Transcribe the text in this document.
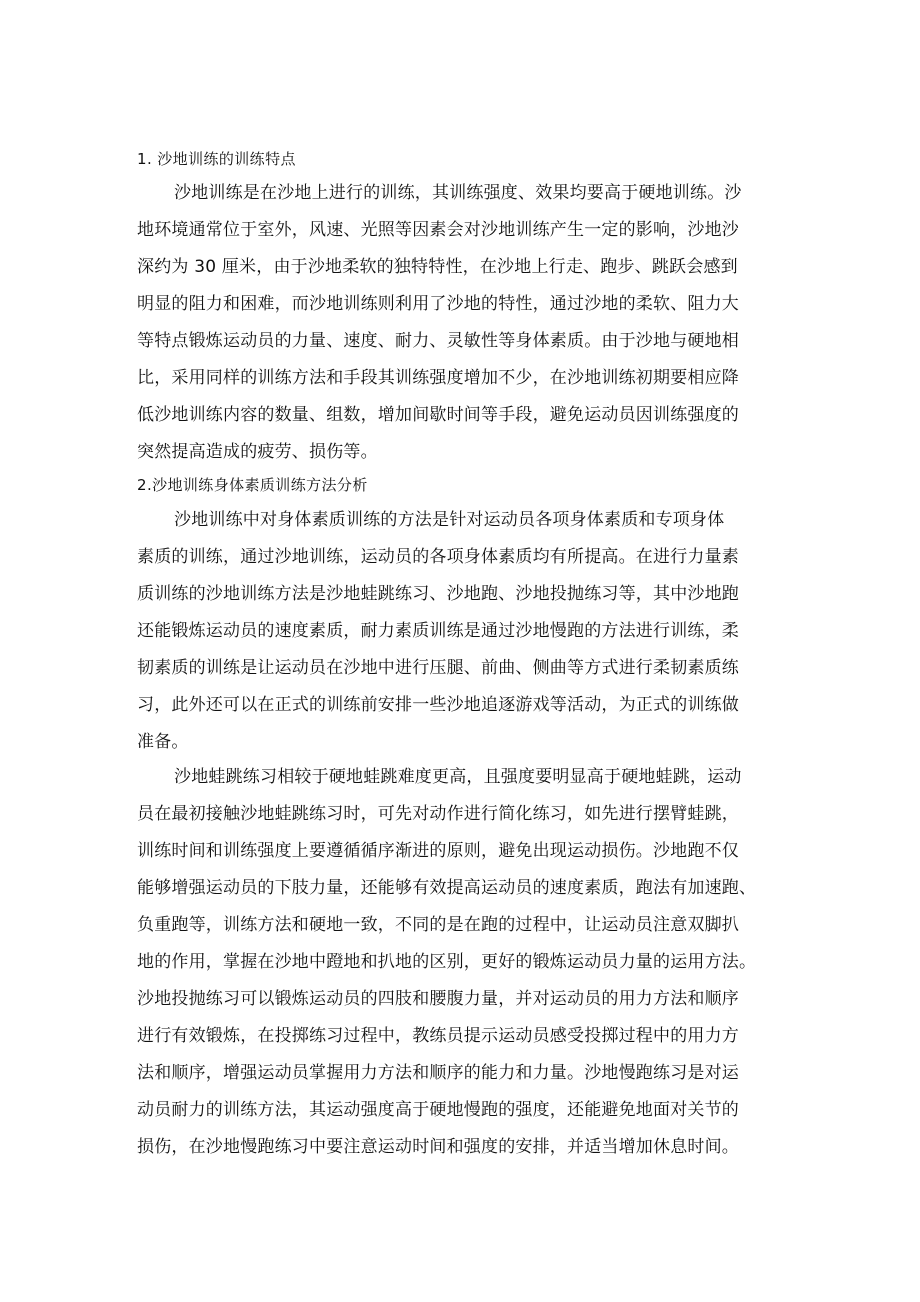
1. 沙地训练的训练特点
沙地训练是在沙地上进行的训练，其训练强度、效果均要高于硬地训练。沙
地环境通常位于室外，风速、光照等因素会对沙地训练产生一定的影响，沙地沙
深约为 30 厘米，由于沙地柔软的独特特性，在沙地上行走、跑步、跳跃会感到
明显的阻力和困难，而沙地训练则利用了沙地的特性，通过沙地的柔软、阻力大
等特点锻炼运动员的力量、速度、耐力、灵敏性等身体素质。由于沙地与硬地相
比，采用同样的训练方法和手段其训练强度增加不少，在沙地训练初期要相应降
低沙地训练内容的数量、组数，增加间歇时间等手段，避免运动员因训练强度的
突然提高造成的疲劳、损伤等。
2.沙地训练身体素质训练方法分析
沙地训练中对身体素质训练的方法是针对运动员各项身体素质和专项身体
素质的训练，通过沙地训练，运动员的各项身体素质均有所提高。在进行力量素
质训练的沙地训练方法是沙地蛙跳练习、沙地跑、沙地投抛练习等，其中沙地跑
还能锻炼运动员的速度素质，耐力素质训练是通过沙地慢跑的方法进行训练，柔
韧素质的训练是让运动员在沙地中进行压腿、前曲、侧曲等方式进行柔韧素质练
习，此外还可以在正式的训练前安排一些沙地追逐游戏等活动，为正式的训练做
准备。
沙地蛙跳练习相较于硬地蛙跳难度更高，且强度要明显高于硬地蛙跳，运动
员在最初接触沙地蛙跳练习时，可先对动作进行简化练习，如先进行摆臂蛙跳，
训练时间和训练强度上要遵循循序渐进的原则，避免出现运动损伤。沙地跑不仅
能够增强运动员的下肢力量，还能够有效提高运动员的速度素质，跑法有加速跑、
负重跑等，训练方法和硬地一致，不同的是在跑的过程中，让运动员注意双脚扒
地的作用，掌握在沙地中蹬地和扒地的区别，更好的锻炼运动员力量的运用方法。
沙地投抛练习可以锻炼运动员的四肢和腰腹力量，并对运动员的用力方法和顺序
进行有效锻炼，在投掷练习过程中，教练员提示运动员感受投掷过程中的用力方
法和顺序，增强运动员掌握用力方法和顺序的能力和力量。沙地慢跑练习是对运
动员耐力的训练方法，其运动强度高于硬地慢跑的强度，还能避免地面对关节的
损伤，在沙地慢跑练习中要注意运动时间和强度的安排，并适当增加休息时间。
